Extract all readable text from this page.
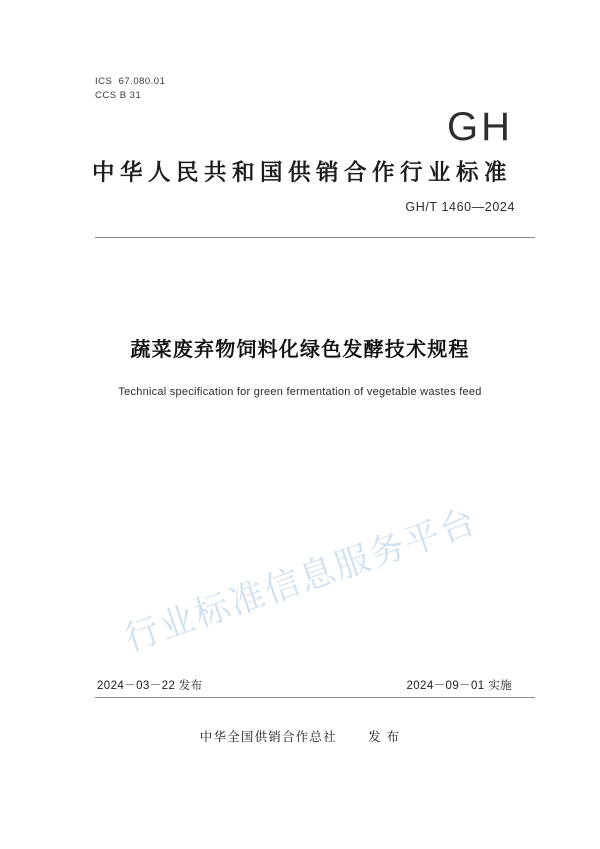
ICS  67.080.01
CCS B 31
GH
中华人民共和国供销合作行业标准
GH/T 1460—2024
蔬菜废弃物饲料化绿色发酵技术规程
Technical specification for green fermentation of vegetable wastes feed
行业标准信息服务平台
2024－03－22 发布	2024－09－01 实施
中华全国供销合作总社	发 布
